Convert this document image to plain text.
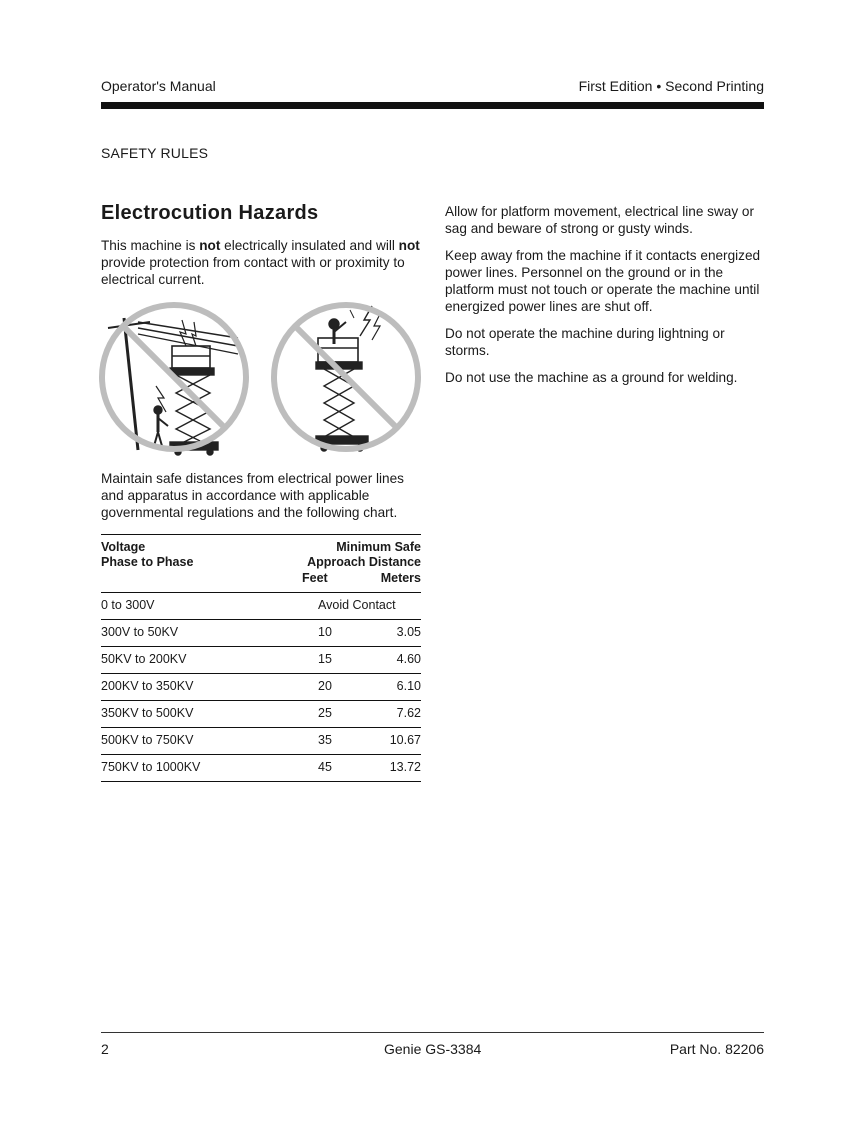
Operator's Manual	First Edition • Second Printing
SAFETY RULES
Electrocution Hazards
This machine is not electrically insulated and will not provide protection from contact with or proximity to electrical current.
Maintain safe distances from electrical power lines and apparatus in accordance with applicable governmental regulations and the following chart.
Voltage
Phase to Phase
Minimum Safe
Approach Distance
Feet	Meters
0 to 300V	Avoid Contact
300V to 50KV	10	3.05
50KV to 200KV	15	4.60
200KV to 350KV	20	6.10
350KV to 500KV	25	7.62
500KV to 750KV	35	10.67
750KV to 1000KV	45	13.72

Allow for platform movement, electrical line sway or sag and beware of strong or gusty winds.

Keep away from the machine if it contacts energized power lines. Personnel on the ground or in the platform must not touch or operate the machine until energized power lines are shut off.

Do not operate the machine during lightning or storms.

Do not use the machine as a ground for welding.

2	Genie GS-3384	Part No. 82206
